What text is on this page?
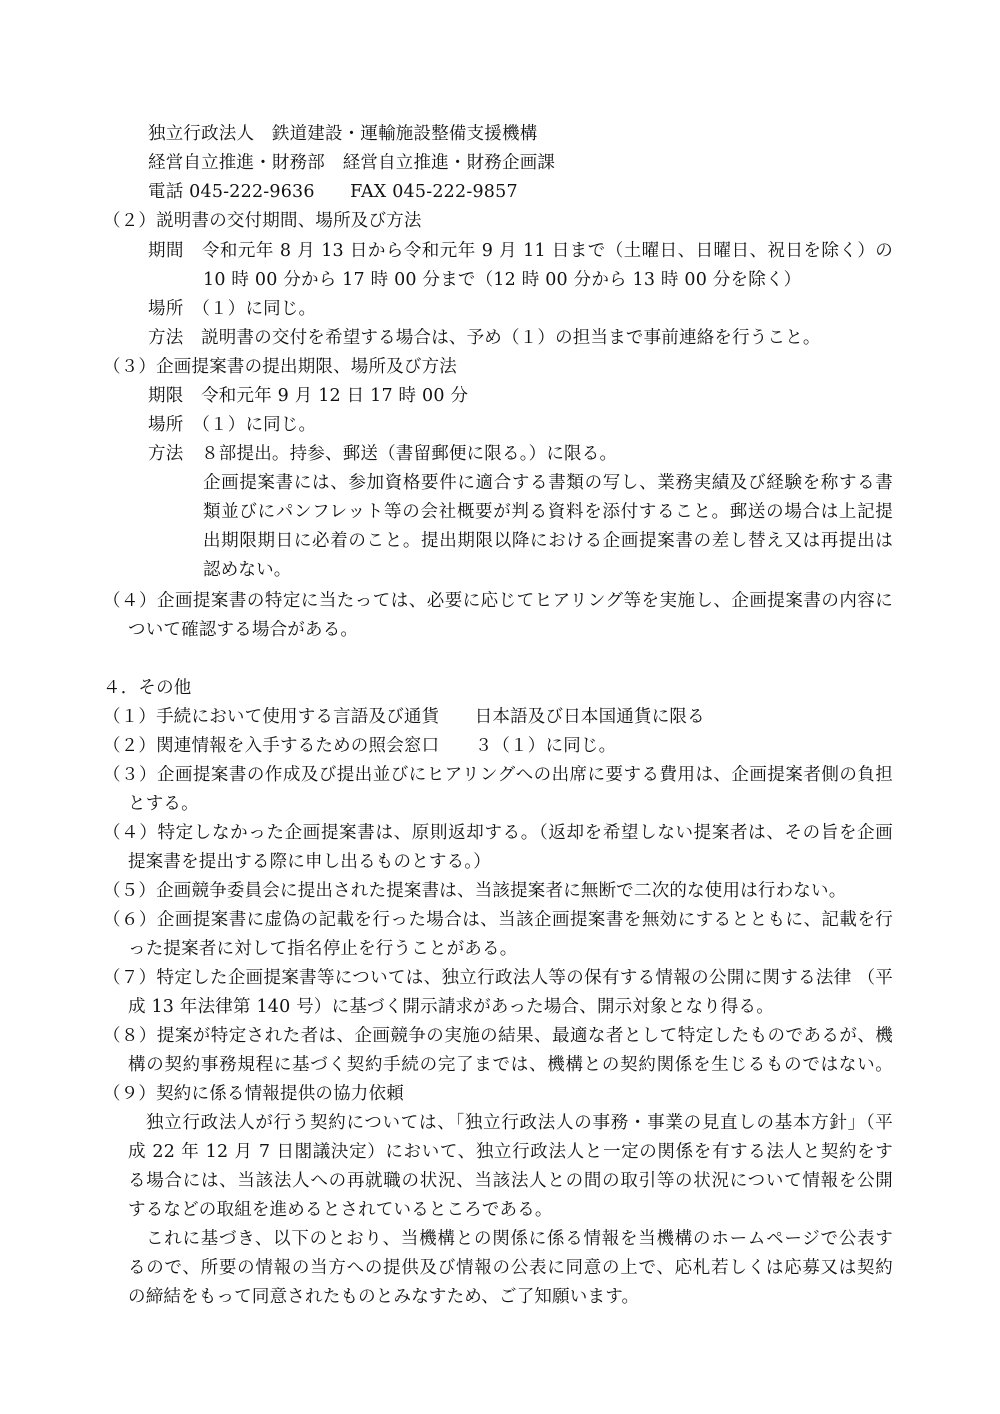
独立行政法人　鉄道建設・運輸施設整備支援機構
経営自立推進・財務部　経営自立推進・財務企画課
電話 045-222-9636　　FAX 045-222-9857
（２）説明書の交付期間、場所及び方法
期間　令和元年 8 月 13 日から令和元年 9 月 11 日まで（土曜日、日曜日、祝日を除く）の
10 時 00 分から 17 時 00 分まで（12 時 00 分から 13 時 00 分を除く）
場所　（１）に同じ。
方法　説明書の交付を希望する場合は、予め（１）の担当まで事前連絡を行うこと。
（３）企画提案書の提出期限、場所及び方法
期限　令和元年 9 月 12 日 17 時 00 分
場所　（１）に同じ。
方法　８部提出。持参、郵送（書留郵便に限る。）に限る。
企画提案書には、参加資格要件に適合する書類の写し、業務実績及び経験を称する書
類並びにパンフレット等の会社概要が判る資料を添付すること。郵送の場合は上記提
出期限期日に必着のこと。提出期限以降における企画提案書の差し替え又は再提出は
認めない。
（４）企画提案書の特定に当たっては、必要に応じてヒアリング等を実施し、企画提案書の内容に
ついて確認する場合がある。
４．その他
（１）手続において使用する言語及び通貨　　日本語及び日本国通貨に限る
（２）関連情報を入手するための照会窓口　　３（１）に同じ。
（３）企画提案書の作成及び提出並びにヒアリングへの出席に要する費用は、企画提案者側の負担
とする。
（４）特定しなかった企画提案書は、原則返却する。（返却を希望しない提案者は、その旨を企画
提案書を提出する際に申し出るものとする。）
（５）企画競争委員会に提出された提案書は、当該提案者に無断で二次的な使用は行わない。
（６）企画提案書に虚偽の記載を行った場合は、当該企画提案書を無効にするとともに、記載を行
った提案者に対して指名停止を行うことがある。
（７）特定した企画提案書等については、独立行政法人等の保有する情報の公開に関する法律 （平
成 13 年法律第 140 号）に基づく開示請求があった場合、開示対象となり得る。
（８）提案が特定された者は、企画競争の実施の結果、最適な者として特定したものであるが、機
構の契約事務規程に基づく契約手続の完了までは、機構との契約関係を生じるものではない。
（９）契約に係る情報提供の協力依頼
独立行政法人が行う契約については、「独立行政法人の事務・事業の見直しの基本方針」（平
成 22 年 12 月 7 日閣議決定）において、独立行政法人と一定の関係を有する法人と契約をす
る場合には、当該法人への再就職の状況、当該法人との間の取引等の状況について情報を公開
するなどの取組を進めるとされているところである。
これに基づき、以下のとおり、当機構との関係に係る情報を当機構のホームページで公表す
るので、所要の情報の当方への提供及び情報の公表に同意の上で、応札若しくは応募又は契約
の締結をもって同意されたものとみなすため、ご了知願います。
